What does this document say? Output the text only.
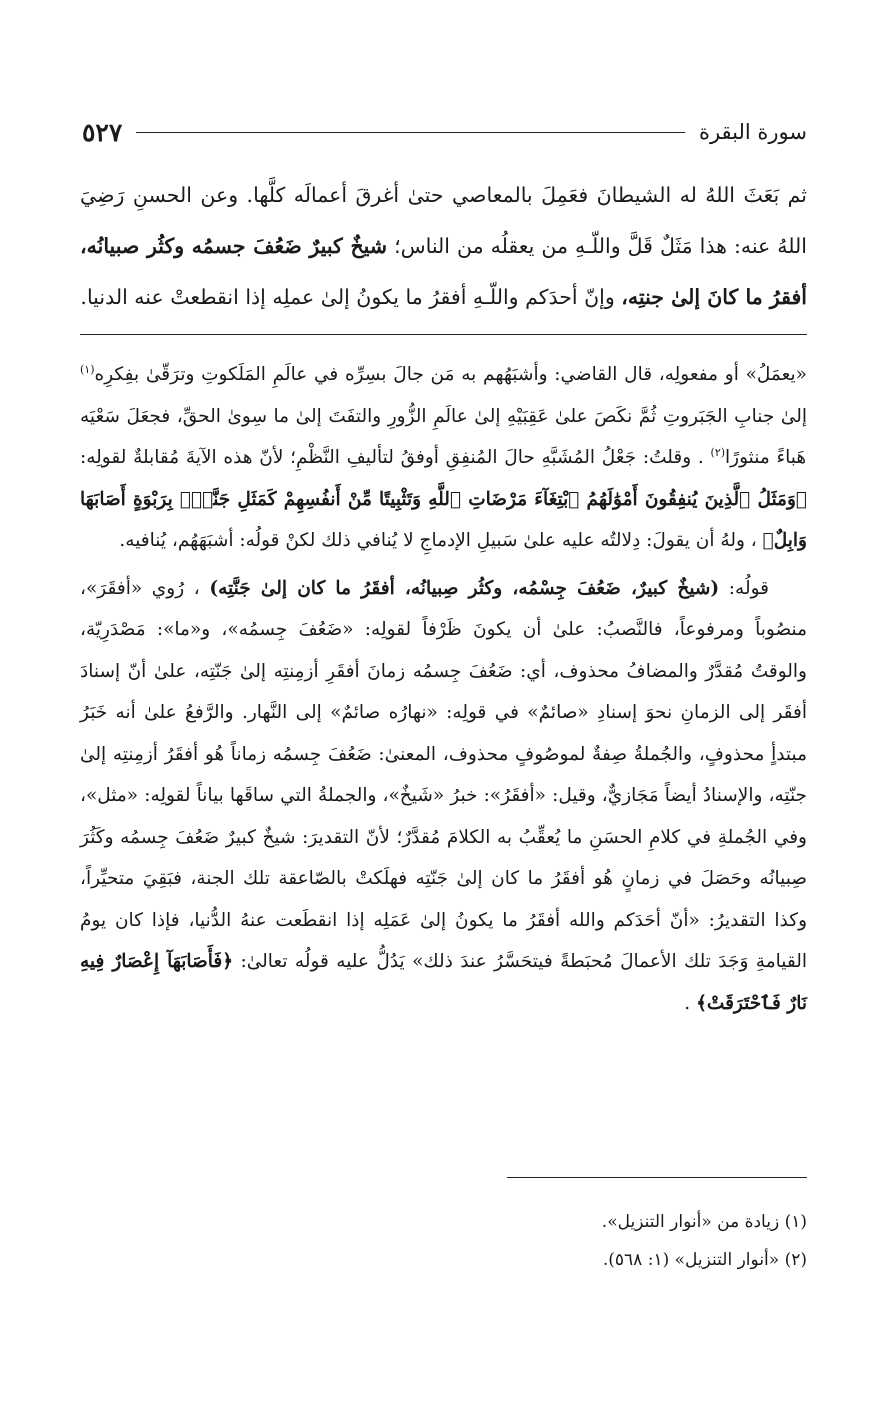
سورة البقرة
٥٢٧

ثم بَعَثَ اللهُ له الشيطانَ فعَمِلَ بالمعاصي حتىٰ أغرقَ أعمالَه كلَّها. وعن الحسنِ رَضِيَ اللهُ عنه: هذا مَثَلٌ قَلَّ واللّـهِ من يعقلُه من الناس؛ شيخٌ كبيرٌ ضَعُفَ جسمُه وكثُر صبيانُه، أفقرُ ما كانَ إلىٰ جنتِه، وإنّ أحدَكم واللّـهِ أفقرُ ما يكونُ إلىٰ عملِه إذا انقطعتْ عنه الدنيا.

«يعمَلُ» أو مفعولِه، قال القاضي: وأشبَهُهم به مَن جالَ بسِرِّه في عالَمِ المَلَكوتِ وترَقّىٰ بفِكرِه$^{(١)}$ إلىٰ جنابِ الجَبَروتِ ثُمَّ نكَصَ علىٰ عَقِبَيْهِ إلىٰ عالَمِ الزُّورِ والتفَتَ إلىٰ ما سِوىٰ الحقِّ، فجعَلَ سَعْيَه هَباءً منثورًا$^{(٢)}$ . وقلتُ: جَعْلُ المُشَبَّهِ حالَ المُنفِقِ أوفقُ لتأليفِ النَّظْمِ؛ لأنّ هذه الآيةَ مُقابلةٌ لقولِه: ﴿وَمَثَلُ ٱلَّذِينَ يُنفِقُونَ أَمْوَٰلَهُمُ ٱبْتِغَآءَ مَرْضَاتِ ٱللَّهِ وَتَثْبِيتًا مِّنْ أَنفُسِهِمْ كَمَثَلِ جَنَّةٍۭ بِرَبْوَةٍ أَصَابَهَا وَابِلٌ﴾ ، ولهُ أن يقولَ: دِلالتُه عليه علىٰ سَبيلِ الإدماجِ لا يُنافي ذلك لكنْ قولُه: أشبَهَهُم، يُنافيه.

قولُه: (شيخٌ كبيرٌ، ضَعُفَ جِسْمُه، وكثُر صِبيانُه، أفقَرُ ما كان إلىٰ جَنَّتِه) ، رُوي «أفقَرَ»، منصُوباً ومرفوعاً، فالنَّصبُ: علىٰ أن يكونَ ظَرْفاً لقولِه: «ضَعُفَ جِسمُه»، و«ما»: مَصْدَرِيّة، والوقتُ مُقدَّرٌ والمضافُ محذوف، أي: ضَعُفَ جِسمُه زمانَ أفقَرِ أزمِنتِه إلىٰ جَنّتِه، علىٰ أنّ إسنادَ أفقَر إلى الزمانِ نحوَ إسنادِ «صائمٌ» في قولِه: «نهارُه صائمٌ» إلى النَّهار. والرَّفعُ علىٰ أنه خَبَرُ مبتدأٍ محذوفٍ، والجُملةُ صِفةٌ لموصُوفٍ محذوف، المعنىٰ: ضَعُفَ جِسمُه زماناً هُو أفقَرُ أزمِنتِه إلىٰ جنّتِه، والإسنادُ أيضاً مَجَازيٌّ، وقيل: «أفقَرُ»: خبرُ «شَيخٌ»، والجملةُ التي ساقَها بياناً لقولِه: «مثل»، وفي الجُملةِ في كلامِ الحسَنِ ما يُعقِّبُ به الكلامَ مُقدَّرٌ؛ لأنّ التقديرَ: شيخٌ كبيرٌ ضَعُفَ جِسمُه وكَثُرَ صِبيانُه وحَصَلَ في زمانٍ هُو أفقَرُ ما كان إلىٰ جَنّتِه فهلَكتْ بالصّاعقة تلك الجنة، فبَقِيَ متحيِّراً، وكذا التقديرُ: «أنّ أحَدَكم والله أفقَرُ ما يكونُ إلىٰ عَمَلِه إذا انقطَعت عنهُ الدُّنيا، فإذا كان يومُ القيامةِ وَجَدَ تلك الأعمالَ مُحبَطةً فيتحَسَّرُ عندَ ذلك» يَدُلُّ عليه قولُه تعالىٰ: ﴿فَأَصَابَهَآ إِعْصَارٌ فِيهِ نَارٌ فَٱحْتَرَقَتْ﴾ .

(١) زيادة من «أنوار التنزيل».
(٢) «أنوار التنزيل» (١: ٥٦٨).
